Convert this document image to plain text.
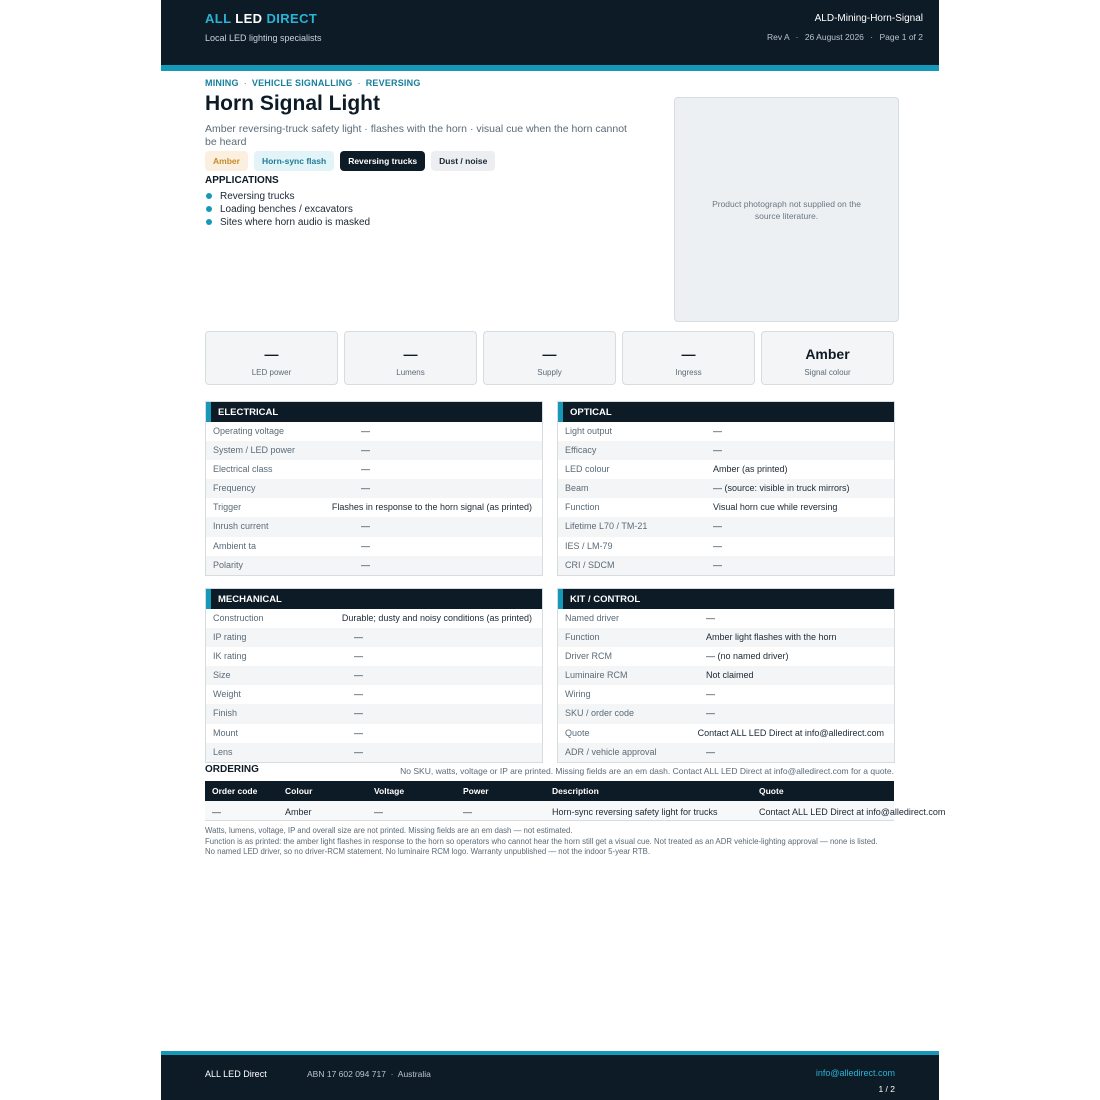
ALL LED DIRECT
Local LED lighting specialists
ALD-Mining-Horn-Signal
Rev A · 26 August 2026 · Page 1 of 2
MINING · VEHICLE SIGNALLING · REVERSING
Horn Signal Light
Amber reversing-truck safety light · flashes with the horn · visual cue when the horn cannot be heard
Amber	Horn-sync flash	Reversing trucks	Dust / noise
APPLICATIONS
Reversing trucks
Loading benches / excavators
Sites where horn audio is masked
Product photograph not supplied on the source literature.
—
LED power
—
Lumens
—
Supply
—
Ingress
Amber
Signal colour
ELECTRICAL
Operating voltage	—
System / LED power	—
Electrical class	—
Frequency	—
Trigger	Flashes in response to the horn signal (as printed)
Inrush current	—
Ambient ta	—
Polarity	—
OPTICAL
Light output	—
Efficacy	—
LED colour	Amber (as printed)
Beam	— (source: visible in truck mirrors)
Function	Visual horn cue while reversing
Lifetime L70 / TM-21	—
IES / LM-79	—
CRI / SDCM	—
MECHANICAL
Construction	Durable; dusty and noisy conditions (as printed)
IP rating	—
IK rating	—
Size	—
Weight	—
Finish	—
Mount	—
Lens	—
KIT / CONTROL
Named driver	—
Function	Amber light flashes with the horn
Driver RCM	— (no named driver)
Luminaire RCM	Not claimed
Wiring	—
SKU / order code	—
Quote	Contact ALL LED Direct at info@alledirect.com
ADR / vehicle approval	—
ORDERING	No SKU, watts, voltage or IP are printed. Missing fields are an em dash. Contact ALL LED Direct at info@alledirect.com for a quote.
Order code	Colour	Voltage	Power	Description	Quote
—	Amber	—	—	Horn-sync reversing safety light for trucks	Contact ALL LED Direct at info@alledirect.com
Watts, lumens, voltage, IP and overall size are not printed. Missing fields are an em dash — not estimated.
Function is as printed: the amber light flashes in response to the horn so operators who cannot hear the horn still get a visual cue. Not treated as an ADR vehicle-lighting approval — none is listed.
No named LED driver, so no driver-RCM statement. No luminaire RCM logo. Warranty unpublished — not the indoor 5-year RTB.
ALL LED Direct	ABN 17 602 094 717 · Australia	info@alledirect.com
1 / 2
